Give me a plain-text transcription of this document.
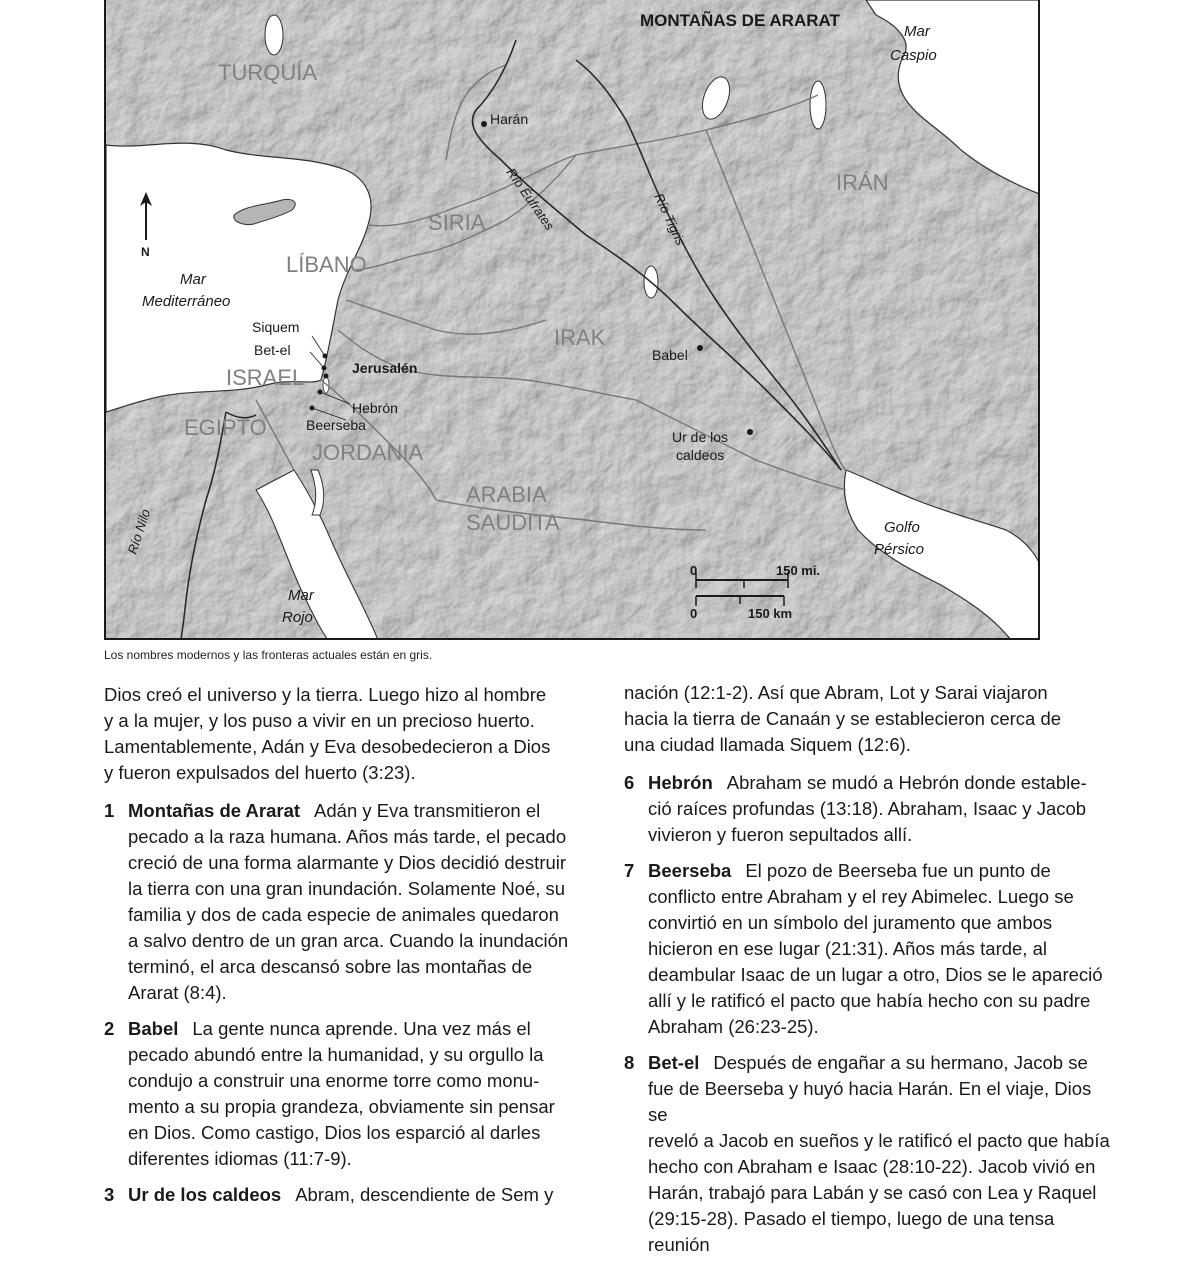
TURQUÍA
IRÁN
SIRIA
LÍBANO
IRAK
ISRAEL
EGIPTO
JORDANIA
ARABIA
SAUDITA
MONTAÑAS DE ARARAT
Harán
Babel
Ur de los
caldeos
Siquem
Bet-el
Jerusalén
Hebrón
Beerseba
N
Mar
Caspio
Mar
Mediterráneo
Golfo
Pérsico
Mar
Rojo
Río Éufrates	Río Tigris
Río Nilo
0	150 mi.
0	150 km
Los nombres modernos y las fronteras actuales están en gris.

Dios creó el universo y la tierra. Luego hizo al hombre
y a la mujer, y los puso a vivir en un precioso huerto.
Lamentablemente, Adán y Eva desobedecieron a Dios
y fueron expulsados del huerto (3:23).

1 Montañas de Ararat Adán y Eva transmitieron el
pecado a la raza humana. Años más tarde, el pecado
creció de una forma alarmante y Dios decidió destruir
la tierra con una gran inundación. Solamente Noé, su
familia y dos de cada especie de animales quedaron
a salvo dentro de un gran arca. Cuando la inundación
terminó, el arca descansó sobre las montañas de
Ararat (8:4).
2 Babel La gente nunca aprende. Una vez más el
pecado abundó entre la humanidad, y su orgullo la
condujo a construir una enorme torre como monu-
mento a su propia grandeza, obviamente sin pensar
en Dios. Como castigo, Dios los esparció al darles
diferentes idiomas (11:7-9).
3 Ur de los caldeos Abram, descendiente de Sem y

nación (12:1-2). Así que Abram, Lot y Sarai viajaron
hacia la tierra de Canaán y se establecieron cerca de
una ciudad llamada Siquem (12:6).

6 Hebrón Abraham se mudó a Hebrón donde estable-
ció raíces profundas (13:18). Abraham, Isaac y Jacob
vivieron y fueron sepultados allí.
7 Beerseba El pozo de Beerseba fue un punto de
conflicto entre Abraham y el rey Abimelec. Luego se
convirtió en un símbolo del juramento que ambos
hicieron en ese lugar (21:31). Años más tarde, al
deambular Isaac de un lugar a otro, Dios se le apareció
allí y le ratificó el pacto que había hecho con su padre
Abraham (26:23-25).
8 Bet-el Después de engañar a su hermano, Jacob se
fue de Beerseba y huyó hacia Harán. En el viaje, Dios se
reveló a Jacob en sueños y le ratificó el pacto que había
hecho con Abraham e Isaac (28:10-22). Jacob vivió en
Harán, trabajó para Labán y se casó con Lea y Raquel
(29:15-28). Pasado el tiempo, luego de una tensa reunión
